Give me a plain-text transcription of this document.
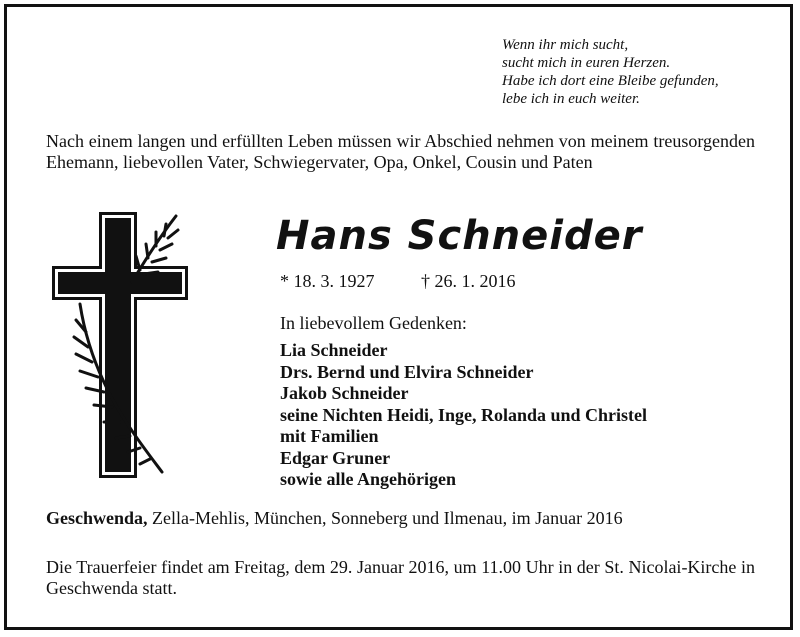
Wenn ihr mich sucht,
sucht mich in euren Herzen.
Habe ich dort eine Bleibe gefunden,
lebe ich in euch weiter.
Nach einem langen und erfüllten Leben müssen wir Abschied nehmen von meinem treusorgenden Ehemann, liebevollen Vater, Schwiegervater, Opa, Onkel, Cousin und Paten
Hans Schneider
* 18. 3. 1927	† 26. 1. 2016
In liebevollem Gedenken:
Lia Schneider
Drs. Bernd und Elvira Schneider
Jakob Schneider
seine Nichten Heidi, Inge, Rolanda und Christel
mit Familien
Edgar Gruner
sowie alle Angehörigen
Geschwenda, Zella-Mehlis, München, Sonneberg und Ilmenau, im Januar 2016
Die Trauerfeier findet am Freitag, dem 29. Januar 2016, um 11.00 Uhr in der St. Nicolai-Kirche in Geschwenda statt.
